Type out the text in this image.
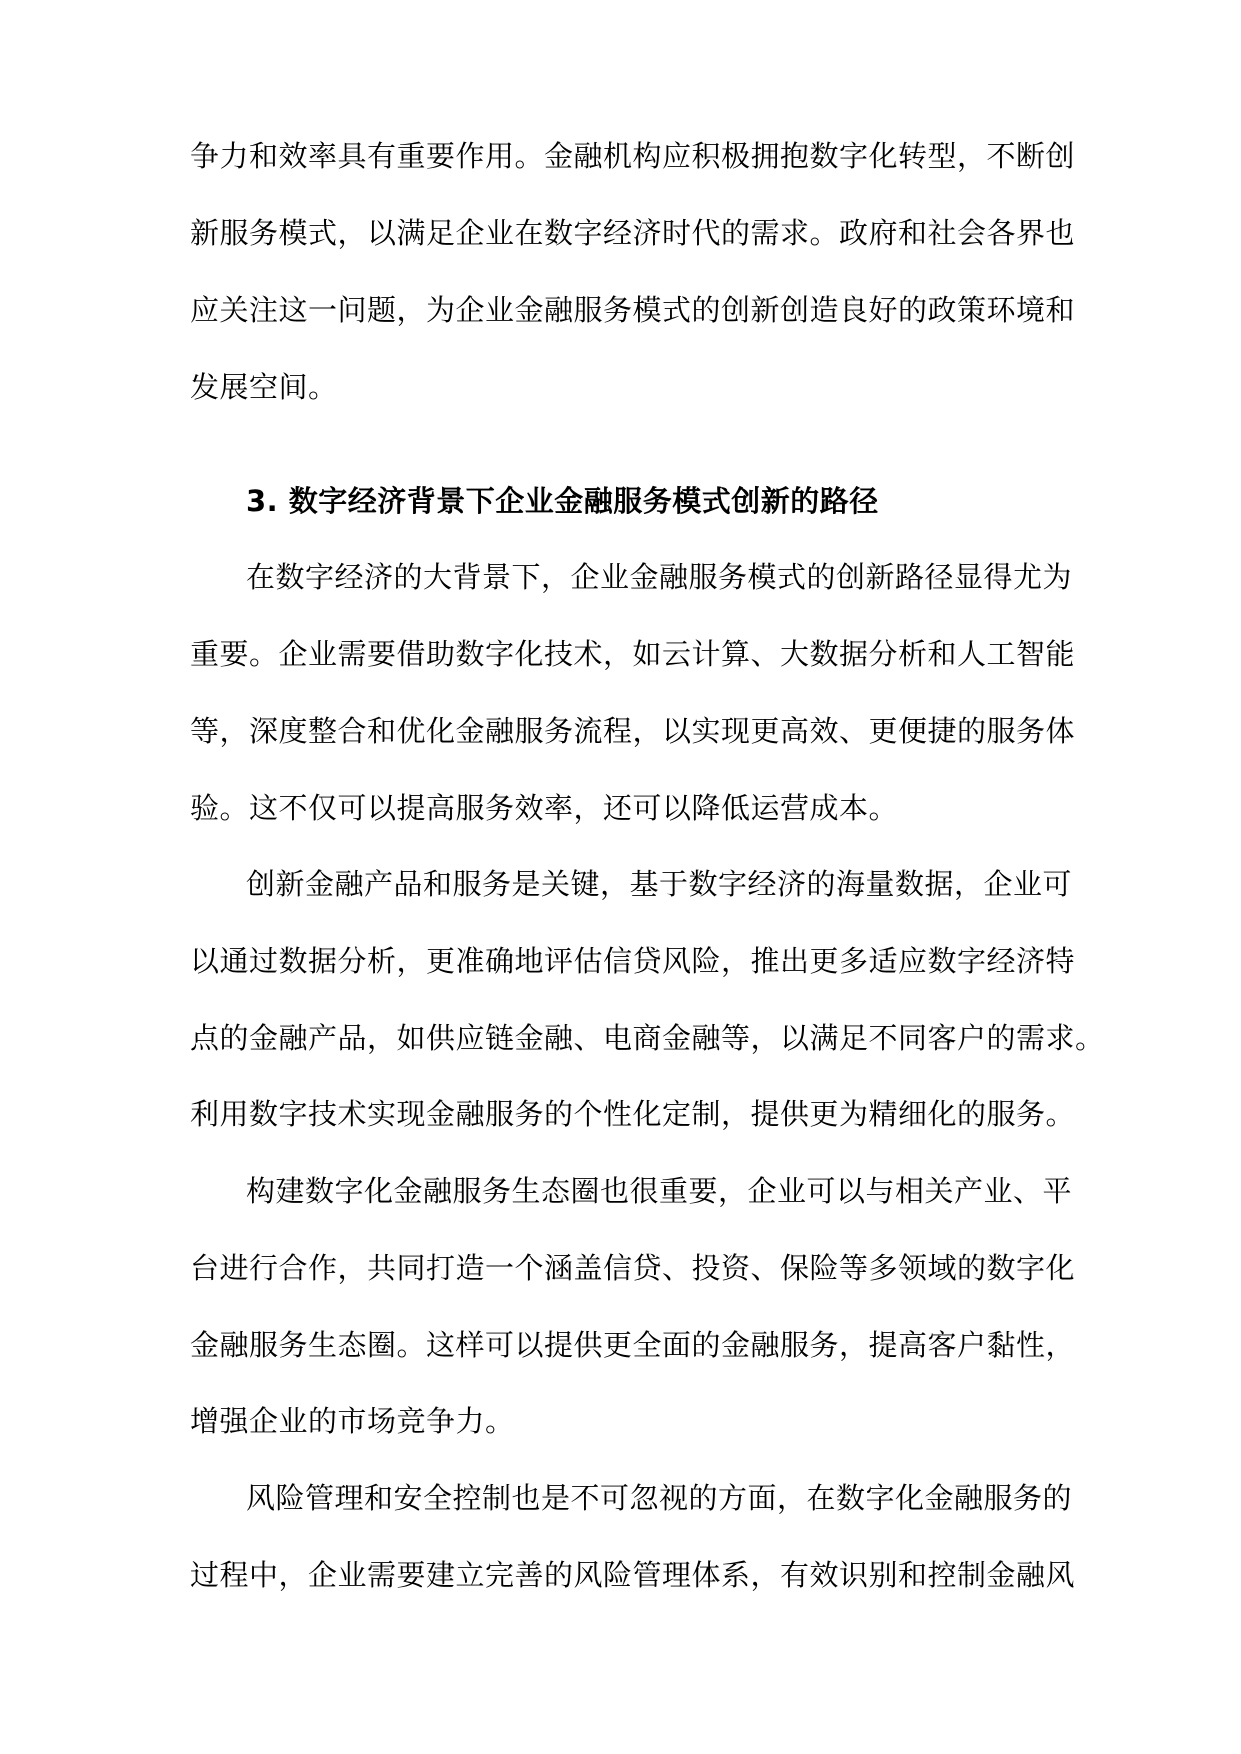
争力和效率具有重要作用。金融机构应积极拥抱数字化转型，不断创
新服务模式，以满足企业在数字经济时代的需求。政府和社会各界也
应关注这一问题，为企业金融服务模式的创新创造良好的政策环境和
发展空间。
3. 数字经济背景下企业金融服务模式创新的路径
在数字经济的大背景下，企业金融服务模式的创新路径显得尤为
重要。企业需要借助数字化技术，如云计算、大数据分析和人工智能
等，深度整合和优化金融服务流程，以实现更高效、更便捷的服务体
验。这不仅可以提高服务效率，还可以降低运营成本。
创新金融产品和服务是关键，基于数字经济的海量数据，企业可
以通过数据分析，更准确地评估信贷风险，推出更多适应数字经济特
点的金融产品，如供应链金融、电商金融等，以满足不同客户的需求。
利用数字技术实现金融服务的个性化定制，提供更为精细化的服务。
构建数字化金融服务生态圈也很重要，企业可以与相关产业、平
台进行合作，共同打造一个涵盖信贷、投资、保险等多领域的数字化
金融服务生态圈。这样可以提供更全面的金融服务，提高客户黏性，
增强企业的市场竞争力。
风险管理和安全控制也是不可忽视的方面，在数字化金融服务的
过程中，企业需要建立完善的风险管理体系，有效识别和控制金融风
